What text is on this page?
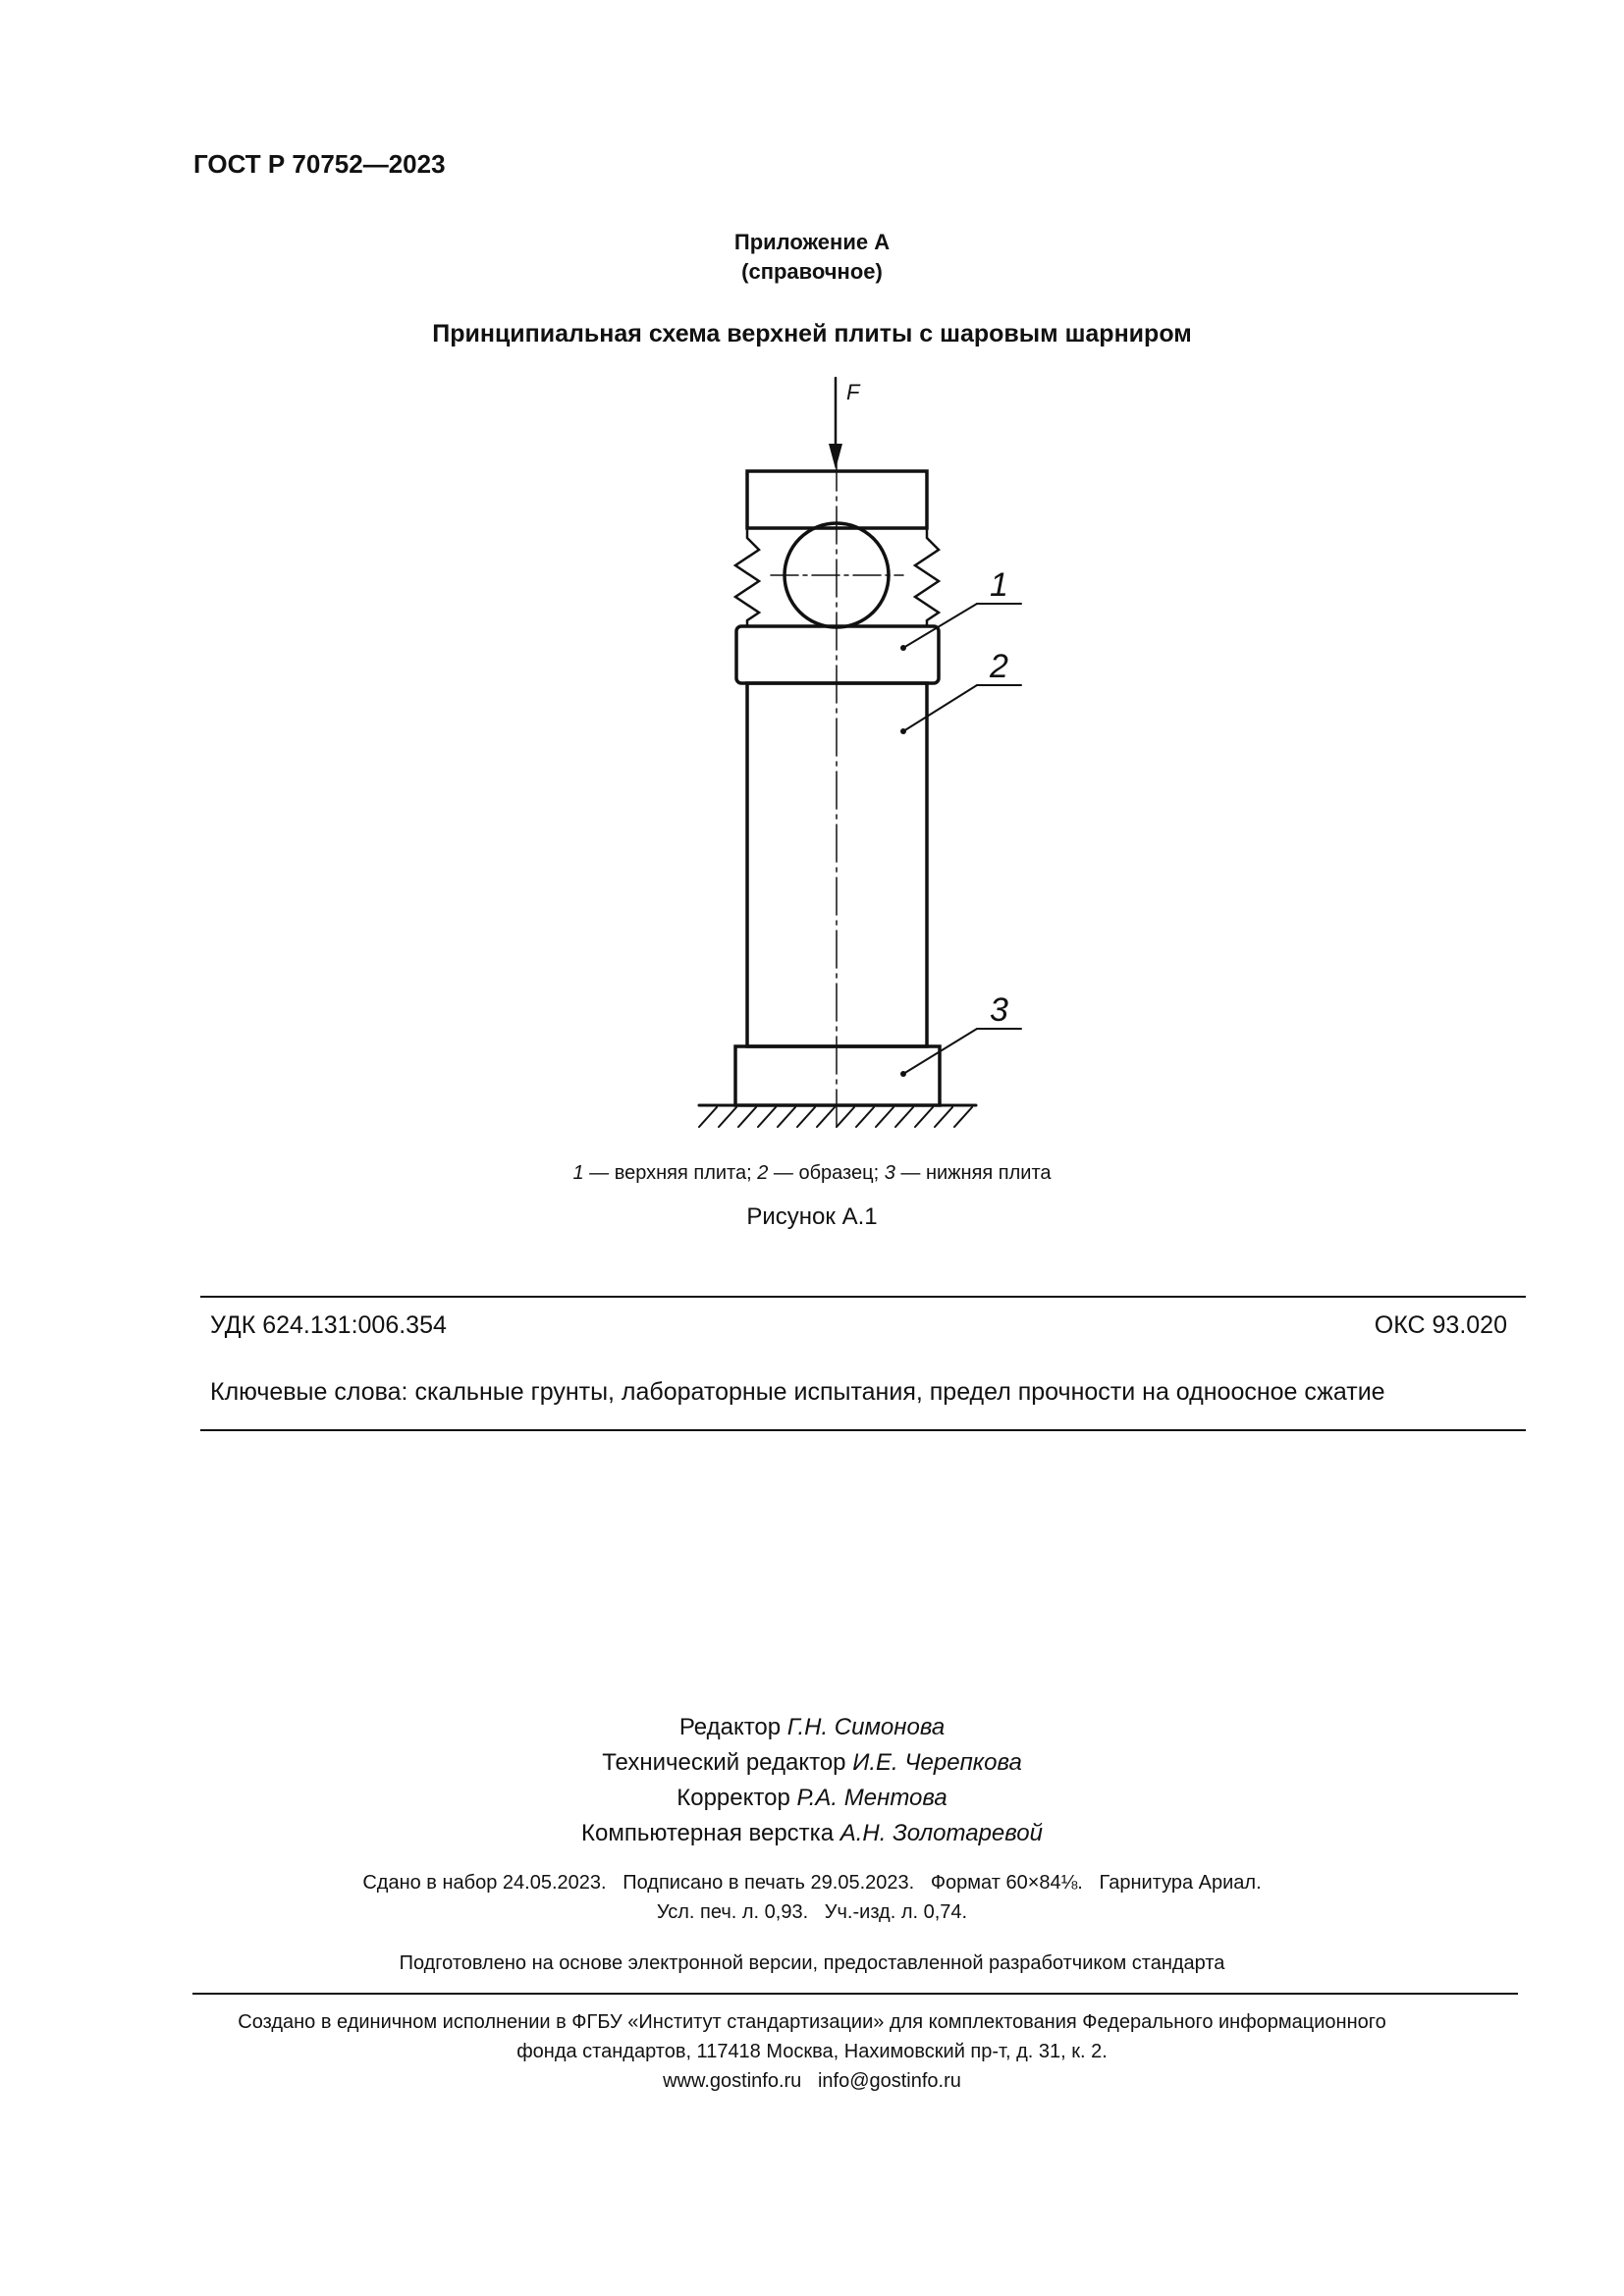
ГОСТ Р 70752—2023
Приложение А
(справочное)
Принципиальная схема верхней плиты с шаровым шарниром
F
1
2
3
1 — верхняя плита; 2 — образец; 3 — нижняя плита
Рисунок А.1
УДК 624.131:006.354	ОКС 93.020
Ключевые слова: скальные грунты, лабораторные испытания, предел прочности на одноосное сжатие
Редактор Г.Н. Симонова
Технический редактор И.Е. Черепкова
Корректор Р.А. Ментова
Компьютерная верстка А.Н. Золотаревой
Сдано в набор 24.05.2023.   Подписано в печать 29.05.2023.   Формат 60×84⅛.   Гарнитура Ариал.
Усл. печ. л. 0,93.   Уч.-изд. л. 0,74.
Подготовлено на основе электронной версии, предоставленной разработчиком стандарта
Создано в единичном исполнении в ФГБУ «Институт стандартизации» для комплектования Федерального информационного
фонда стандартов, 117418 Москва, Нахимовский пр-т, д. 31, к. 2.
www.gostinfo.ru   info@gostinfo.ru
